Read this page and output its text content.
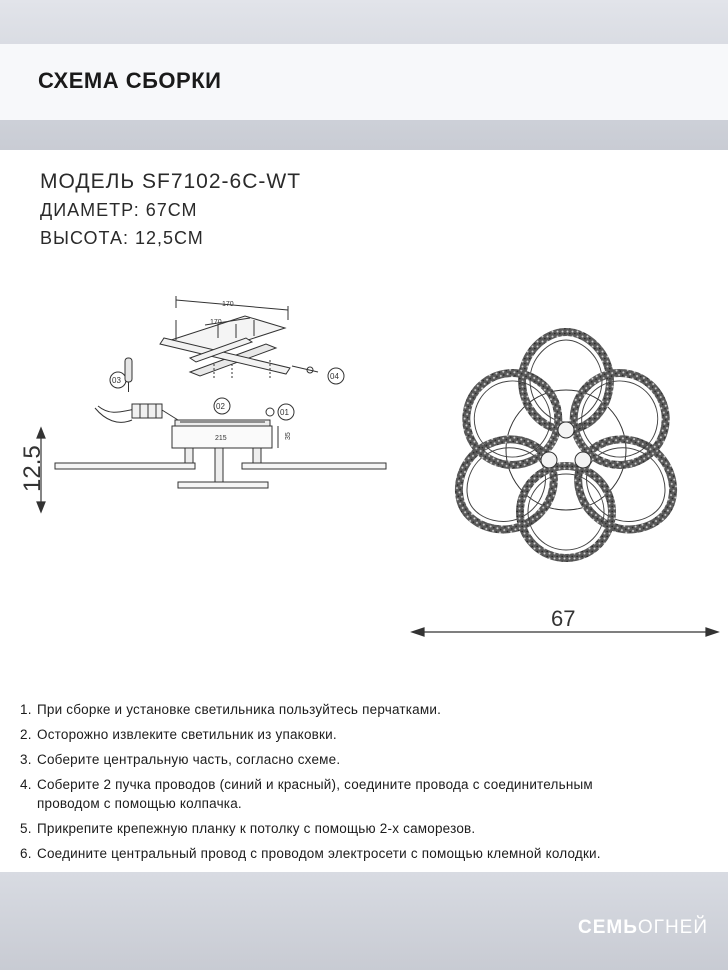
СХЕМА СБОРКИ
МОДЕЛЬ SF7102-6C-WT
ДИАМЕТР: 67СМ
ВЫСОТА: 12,5СМ
170
170
04
03
02
01
215	35
12.5
67
1. При сборке и установке светильника пользуйтесь перчатками.
2. Осторожно извлеките светильник из упаковки.
3. Соберите центральную часть, согласно схеме.
4. Соберите 2 пучка проводов (синий и красный), соедините провода с соединительным
проводом с помощью колпачка.
5. Прикрепите крепежную планку к потолку с помощью 2-х саморезов.
6. Соедините центральный провод с проводом электросети с помощью клемной колодки.
СЕМЬОГНЕЙ
